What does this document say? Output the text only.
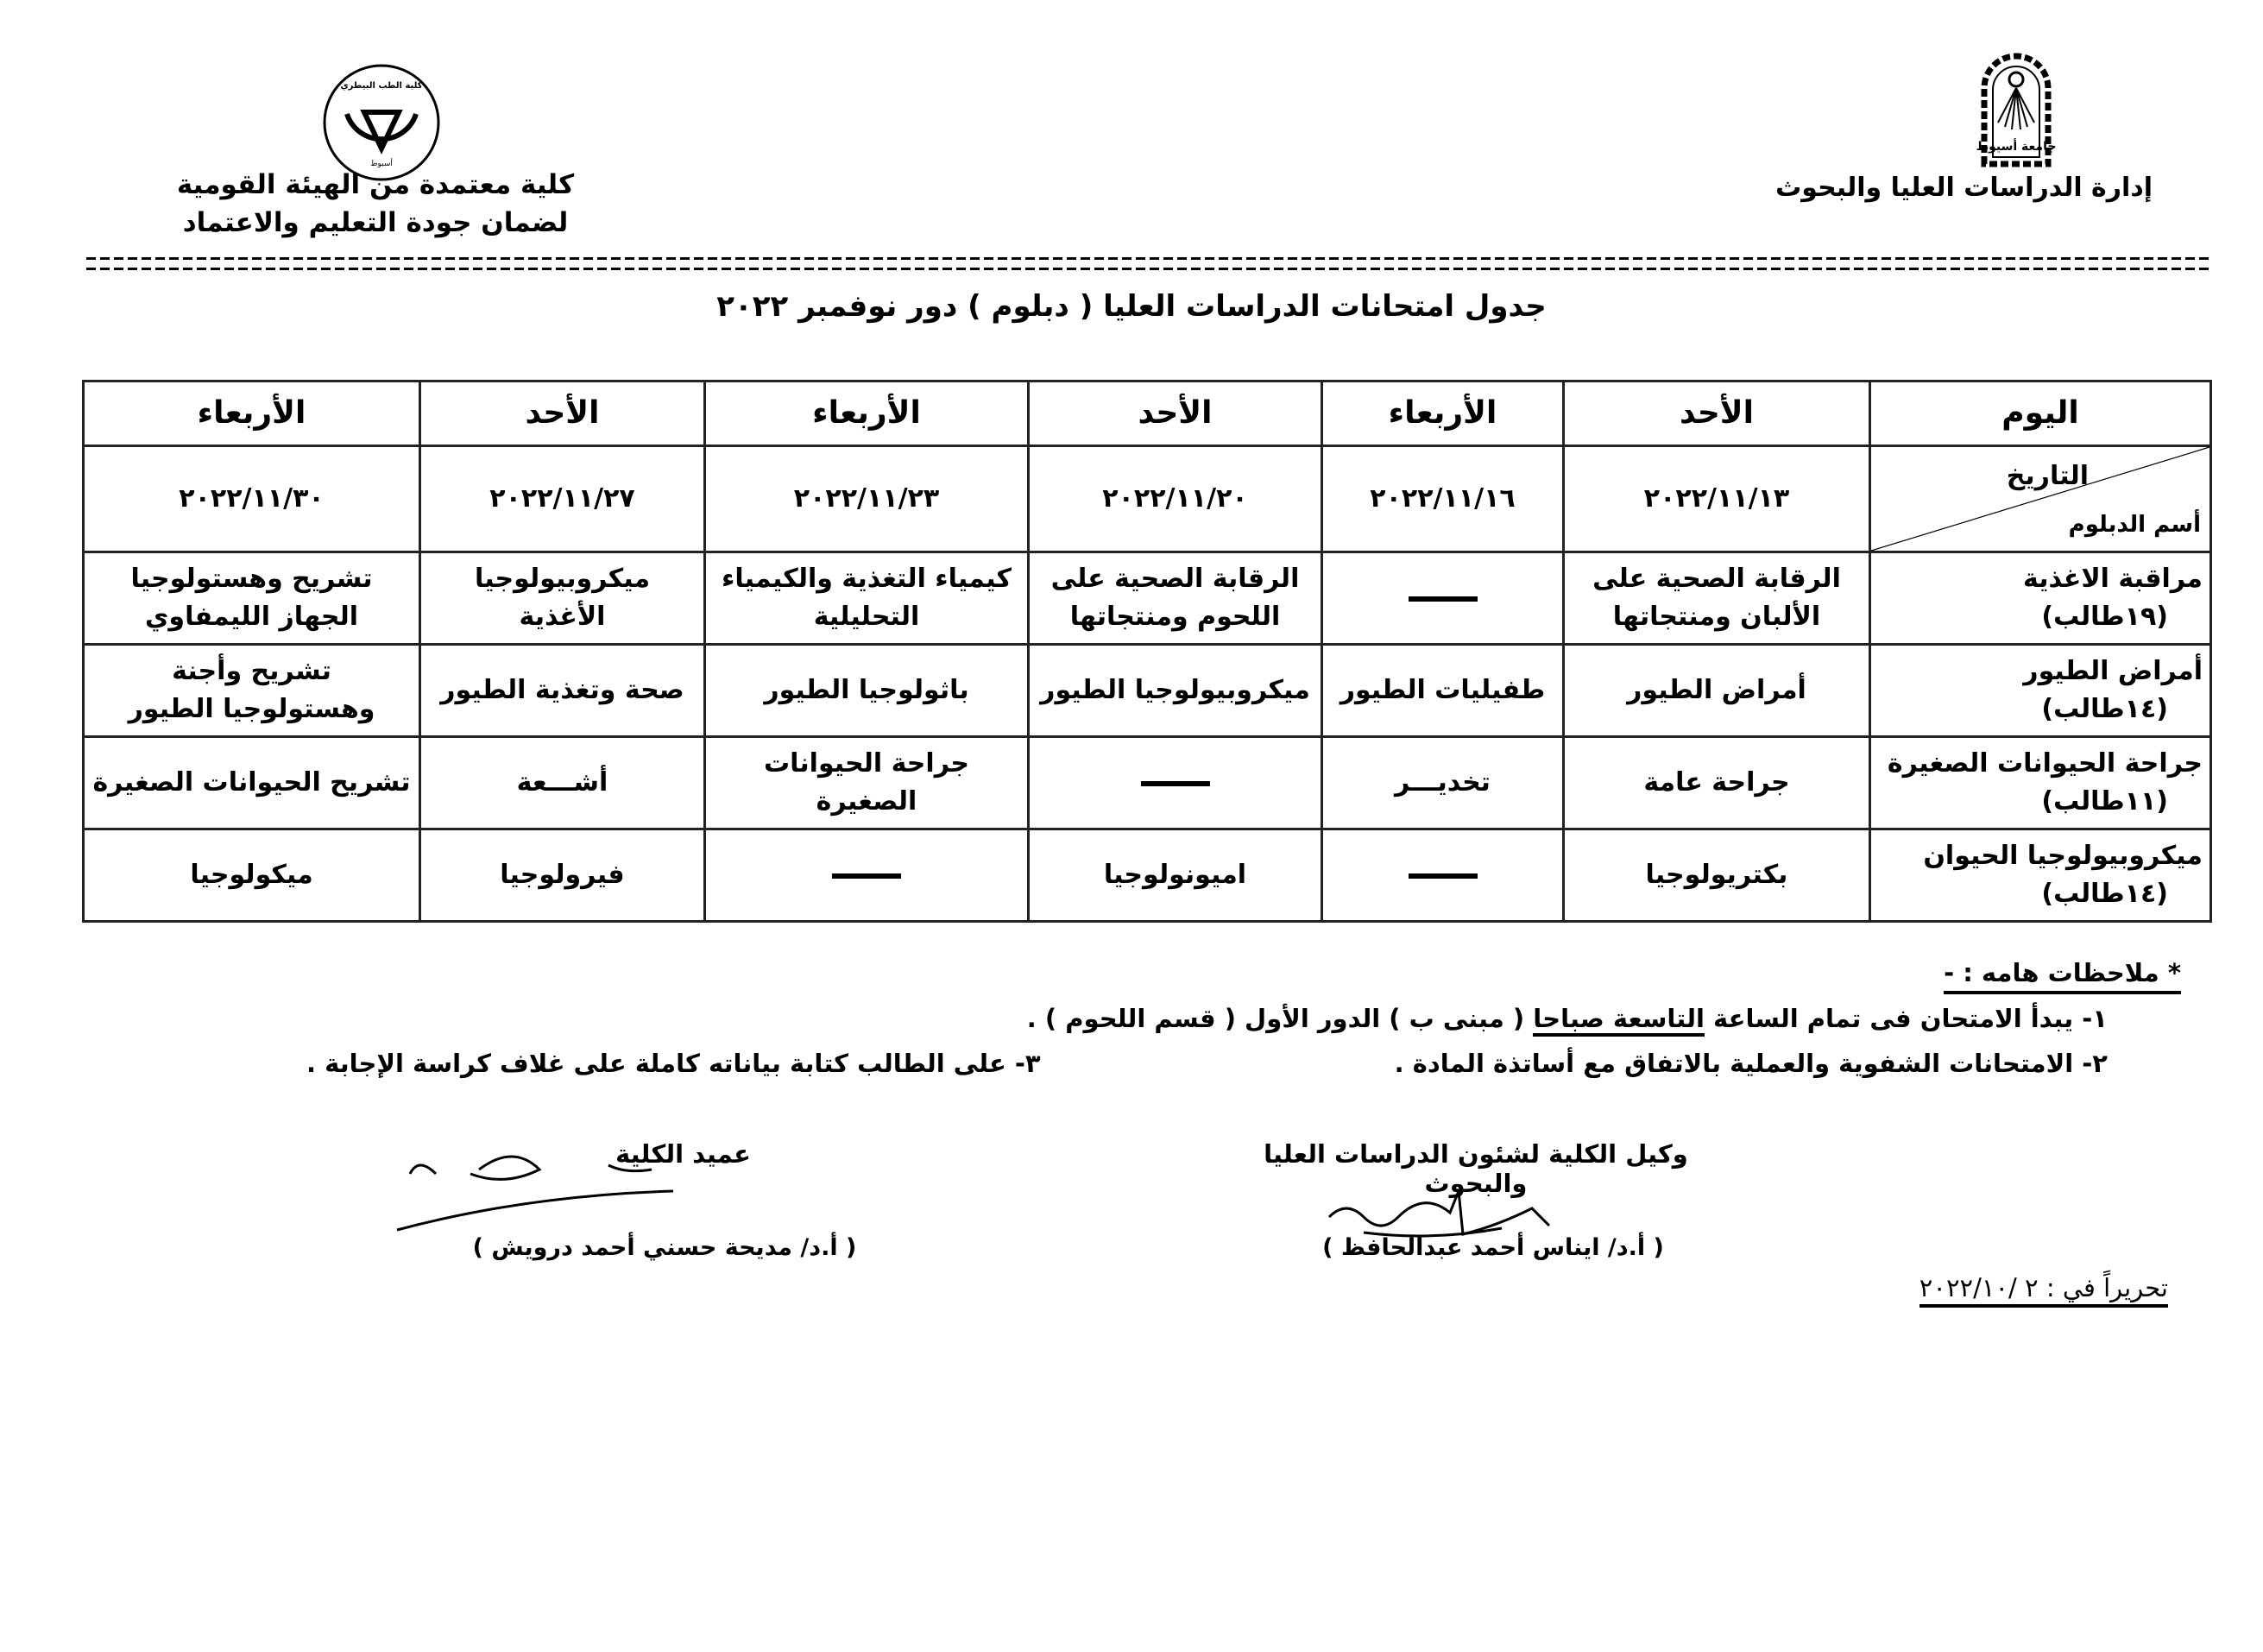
جامعة أسيوط
إدارة الدراسات العليا والبحوث
أسيوط
كلية الطب البيطري
كلية معتمدة من الهيئة القومية
لضمان جودة التعليم والاعتماد
جدول امتحانات الدراسات العليا ( دبلوم ) دور نوفمبر ٢٠٢٢
اليوم	الأحد	الأربعاء	الأحد	الأربعاء	الأحد	الأربعاء

التاريخ
أسم الدبلوم	٢٠٢٢/١١/١٣	٢٠٢٢/١١/١٦	٢٠٢٢/١١/٢٠	٢٠٢٢/١١/٢٣	٢٠٢٢/١١/٢٧	٢٠٢٢/١١/٣٠

مراقبة الاغذية
(١٩طالب)	الرقابة الصحية على الألبان ومنتجاتها		الرقابة الصحية على اللحوم ومنتجاتها	كيمياء التغذية والكيمياء التحليلية	ميكروبيولوجيا الأغذية	تشريح وهستولوجيا الجهاز الليمفاوي

أمراض الطيور
(١٤طالب)	أمراض الطيور	طفيليات الطيور	ميكروبيولوجيا الطيور	باثولوجيا الطيور	صحة وتغذية الطيور	تشريح وأجنة وهستولوجيا الطيور

جراحة الحيوانات الصغيرة
(١١طالب)	جراحة عامة	تخديـــر		جراحة الحيوانات الصغيرة	أشـــعة	تشريح الحيوانات الصغيرة

ميكروبيولوجيا الحيوان
(١٤طالب)	بكتريولوجيا		اميونولوجيا		فيرولوجيا	ميكولوجيا
* ملاحظات هامه : -
١- يبدأ الامتحان فى تمام الساعة التاسعة صباحا ( مبنى ب ) الدور الأول ( قسم اللحوم ) .
٢- الامتحانات الشفوية والعملية بالاتفاق مع أساتذة المادة .
٣- على الطالب كتابة بياناته كاملة على غلاف كراسة الإجابة .
وكيل الكلية لشئون الدراسات العليا والبحوث
( أ.د/ ايناس أحمد عبدالحافظ )
عميد الكلية
( أ.د/ مديحة حسني أحمد درويش )
تحريراً في : ٢ /٢٠٢٢/١٠
